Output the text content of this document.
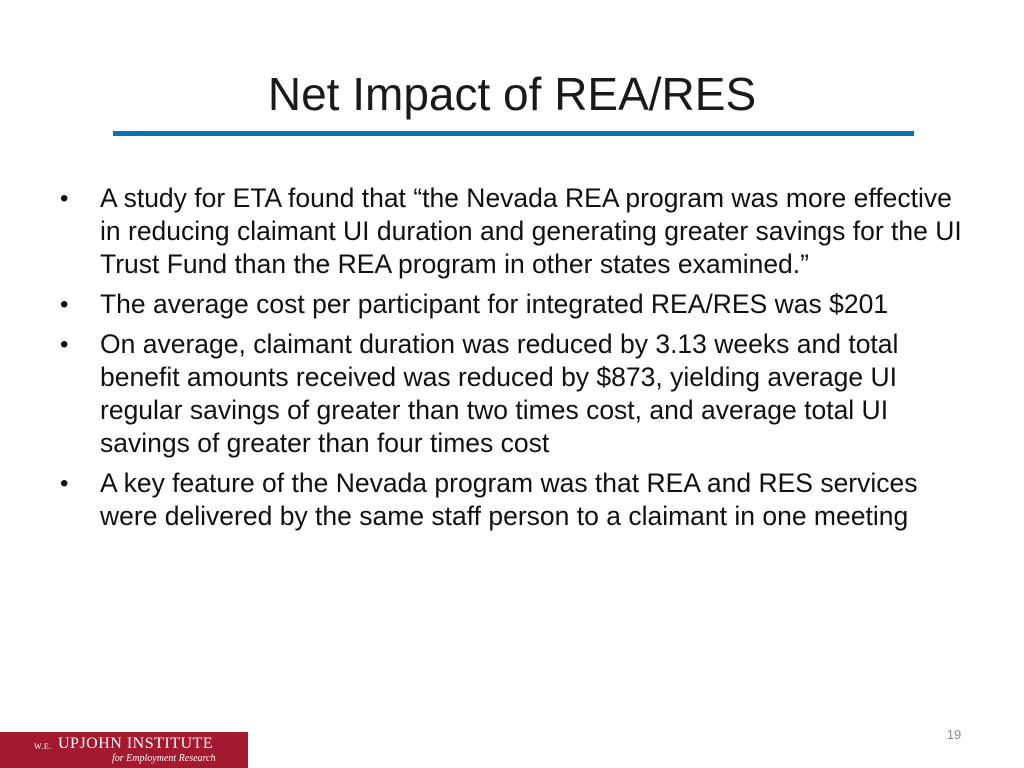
Net Impact of REA/RES
• A study for ETA found that “the Nevada REA program was more effective in reducing claimant UI duration and generating greater savings for the UI Trust Fund than the REA program in other states examined.”
• The average cost per participant for integrated REA/RES was $201
• On average, claimant duration was reduced by 3.13 weeks and total benefit amounts received was reduced by $873, yielding average UI regular savings of greater than two times cost, and average total UI savings of greater than four times cost
• A key feature of the Nevada program was that REA and RES services were delivered by the same staff person to a claimant in one meeting
W.E. UPJOHN INSTITUTE
for Employment Research
19
